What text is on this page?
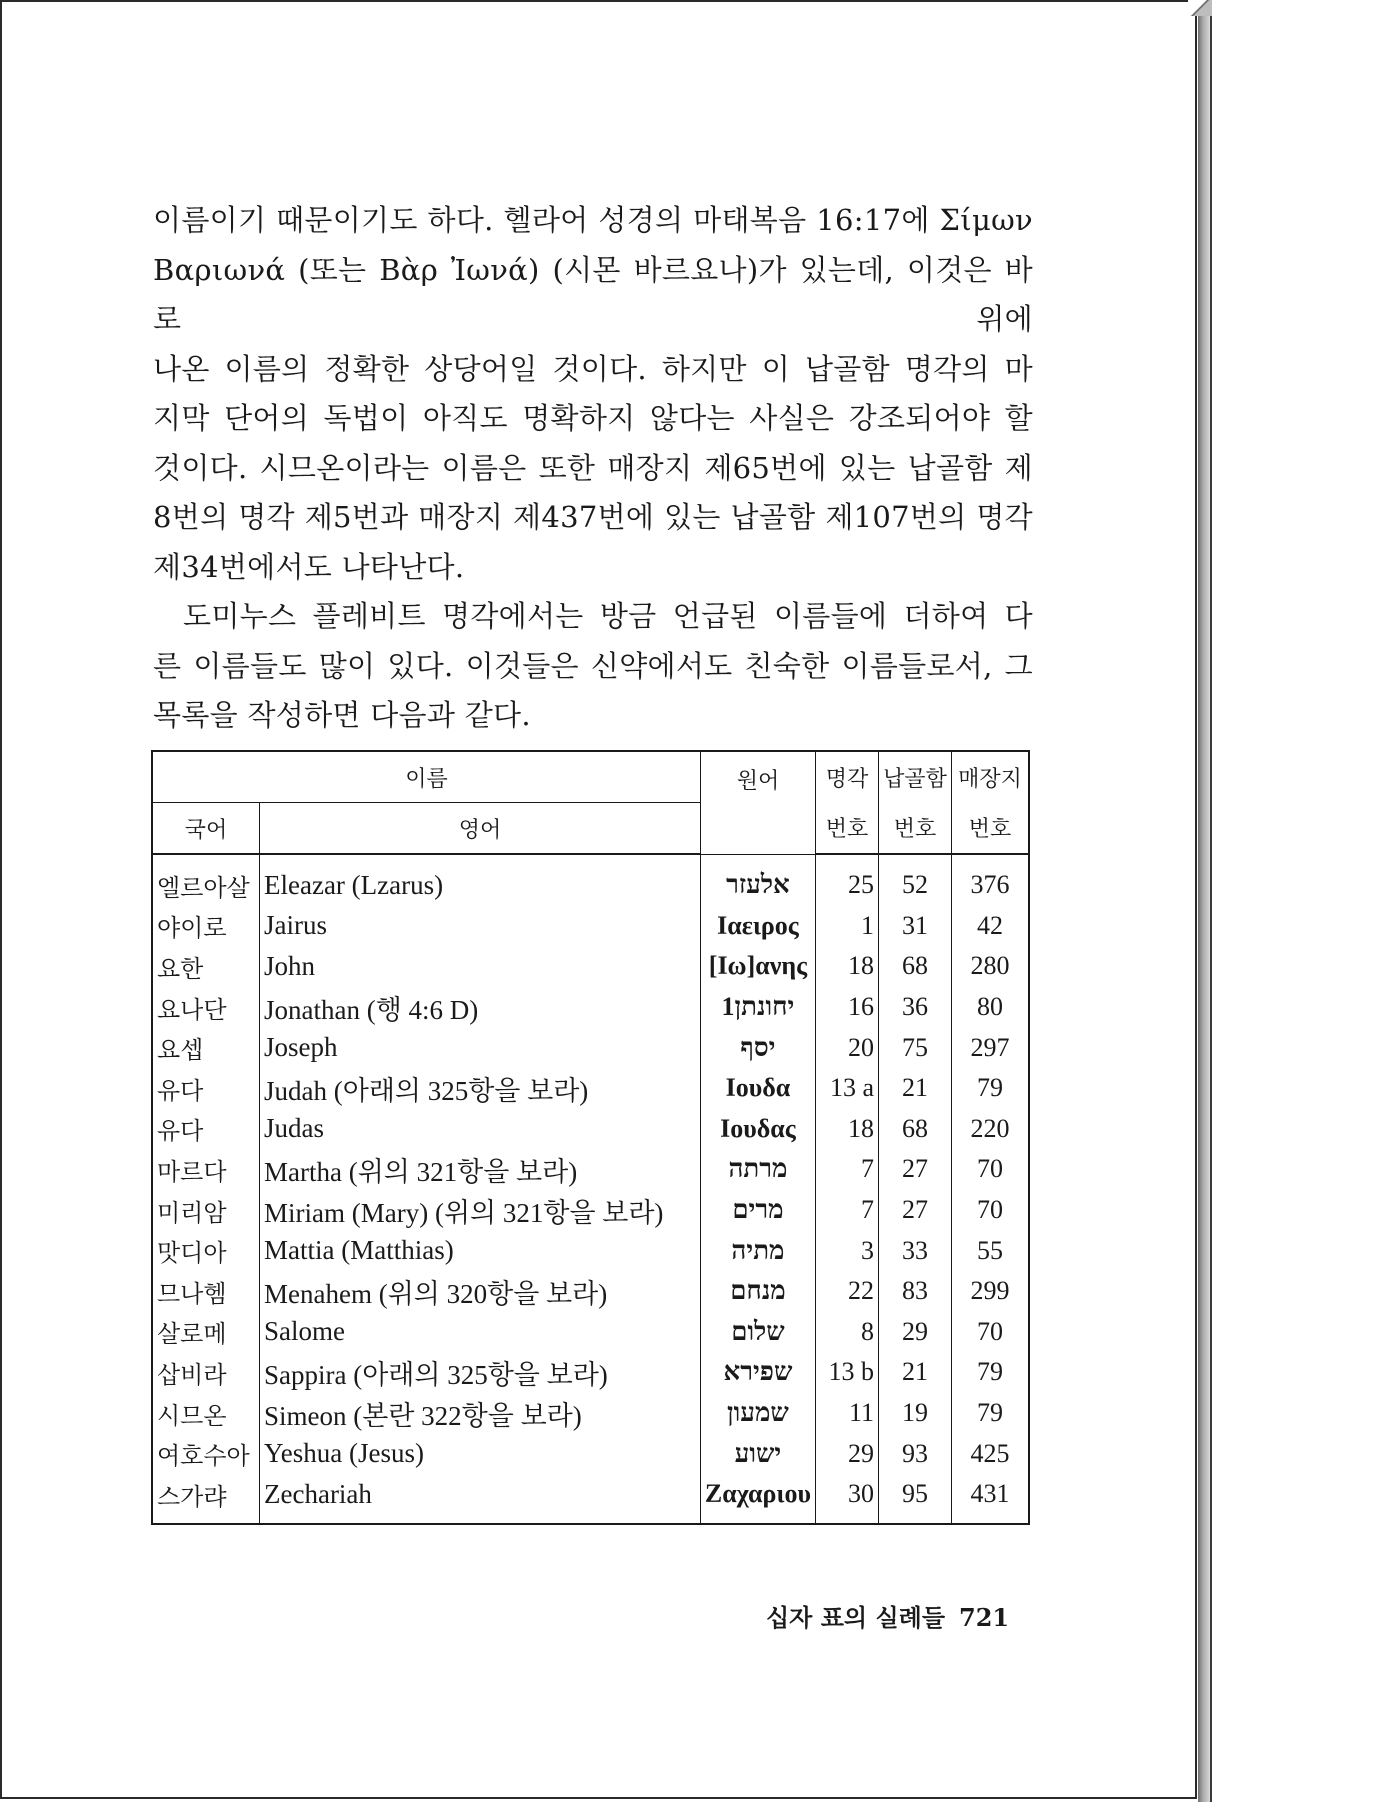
이름이기 때문이기도 하다. 헬라어 성경의 마태복음 16:17에 Σίμων

Βαριωνά (또는 Βὰρ Ἰωνά) (시몬 바르요나)가 있는데, 이것은 바로 위에

나온 이름의 정확한 상당어일 것이다. 하지만 이 납골함 명각의 마

지막 단어의 독법이 아직도 명확하지 않다는 사실은 강조되어야 할

것이다. 시므온이라는 이름은 또한 매장지 제65번에 있는 납골함 제

8번의 명각 제5번과 매장지 제437번에 있는 납골함 제107번의 명각

제34번에서도 나타난다.

도미누스 플레비트 명각에서는 방금 언급된 이름들에 더하여 다

른 이름들도 많이 있다. 이것들은 신약에서도 친숙한 이름들로서, 그

목록을 작성하면 다음과 같다.

이름		원어	명각	납골함	매장지
국어	영어		번호	번호	번호
엘르아살	Eleazar (Lzarus)	אלעזר	25	52	376
야이로	Jairus	Ιαειρος	1	31	42
요한	John	[Ιω]ανης	18	68	280
요나단	Jonathan (행 4:6 D)	יחונתן1	16	36	80
요셉	Joseph	יסף	20	75	297
유다	Judah (아래의 325항을 보라)	Ιουδα	13 a	21	79
유다	Judas	Ιουδας	18	68	220
마르다	Martha (위의 321항을 보라)	מרתה	7	27	70
미리암	Miriam (Mary) (위의 321항을 보라)	מרים	7	27	70
맛디아	Mattia (Matthias)	מתיה	3	33	55
므나헴	Menahem (위의 320항을 보라)	מנחם	22	83	299
살로메	Salome	שלום	8	29	70
삽비라	Sappira (아래의 325항을 보라)	שפירא	13 b	21	79
시므온	Simeon (본란 322항을 보라)	שמעון	11	19	79
여호수아	Yeshua (Jesus)	ישוע	29	93	425
스가랴	Zechariah	Ζαχαριου	30	95	431
십자 표의 실례들 721
